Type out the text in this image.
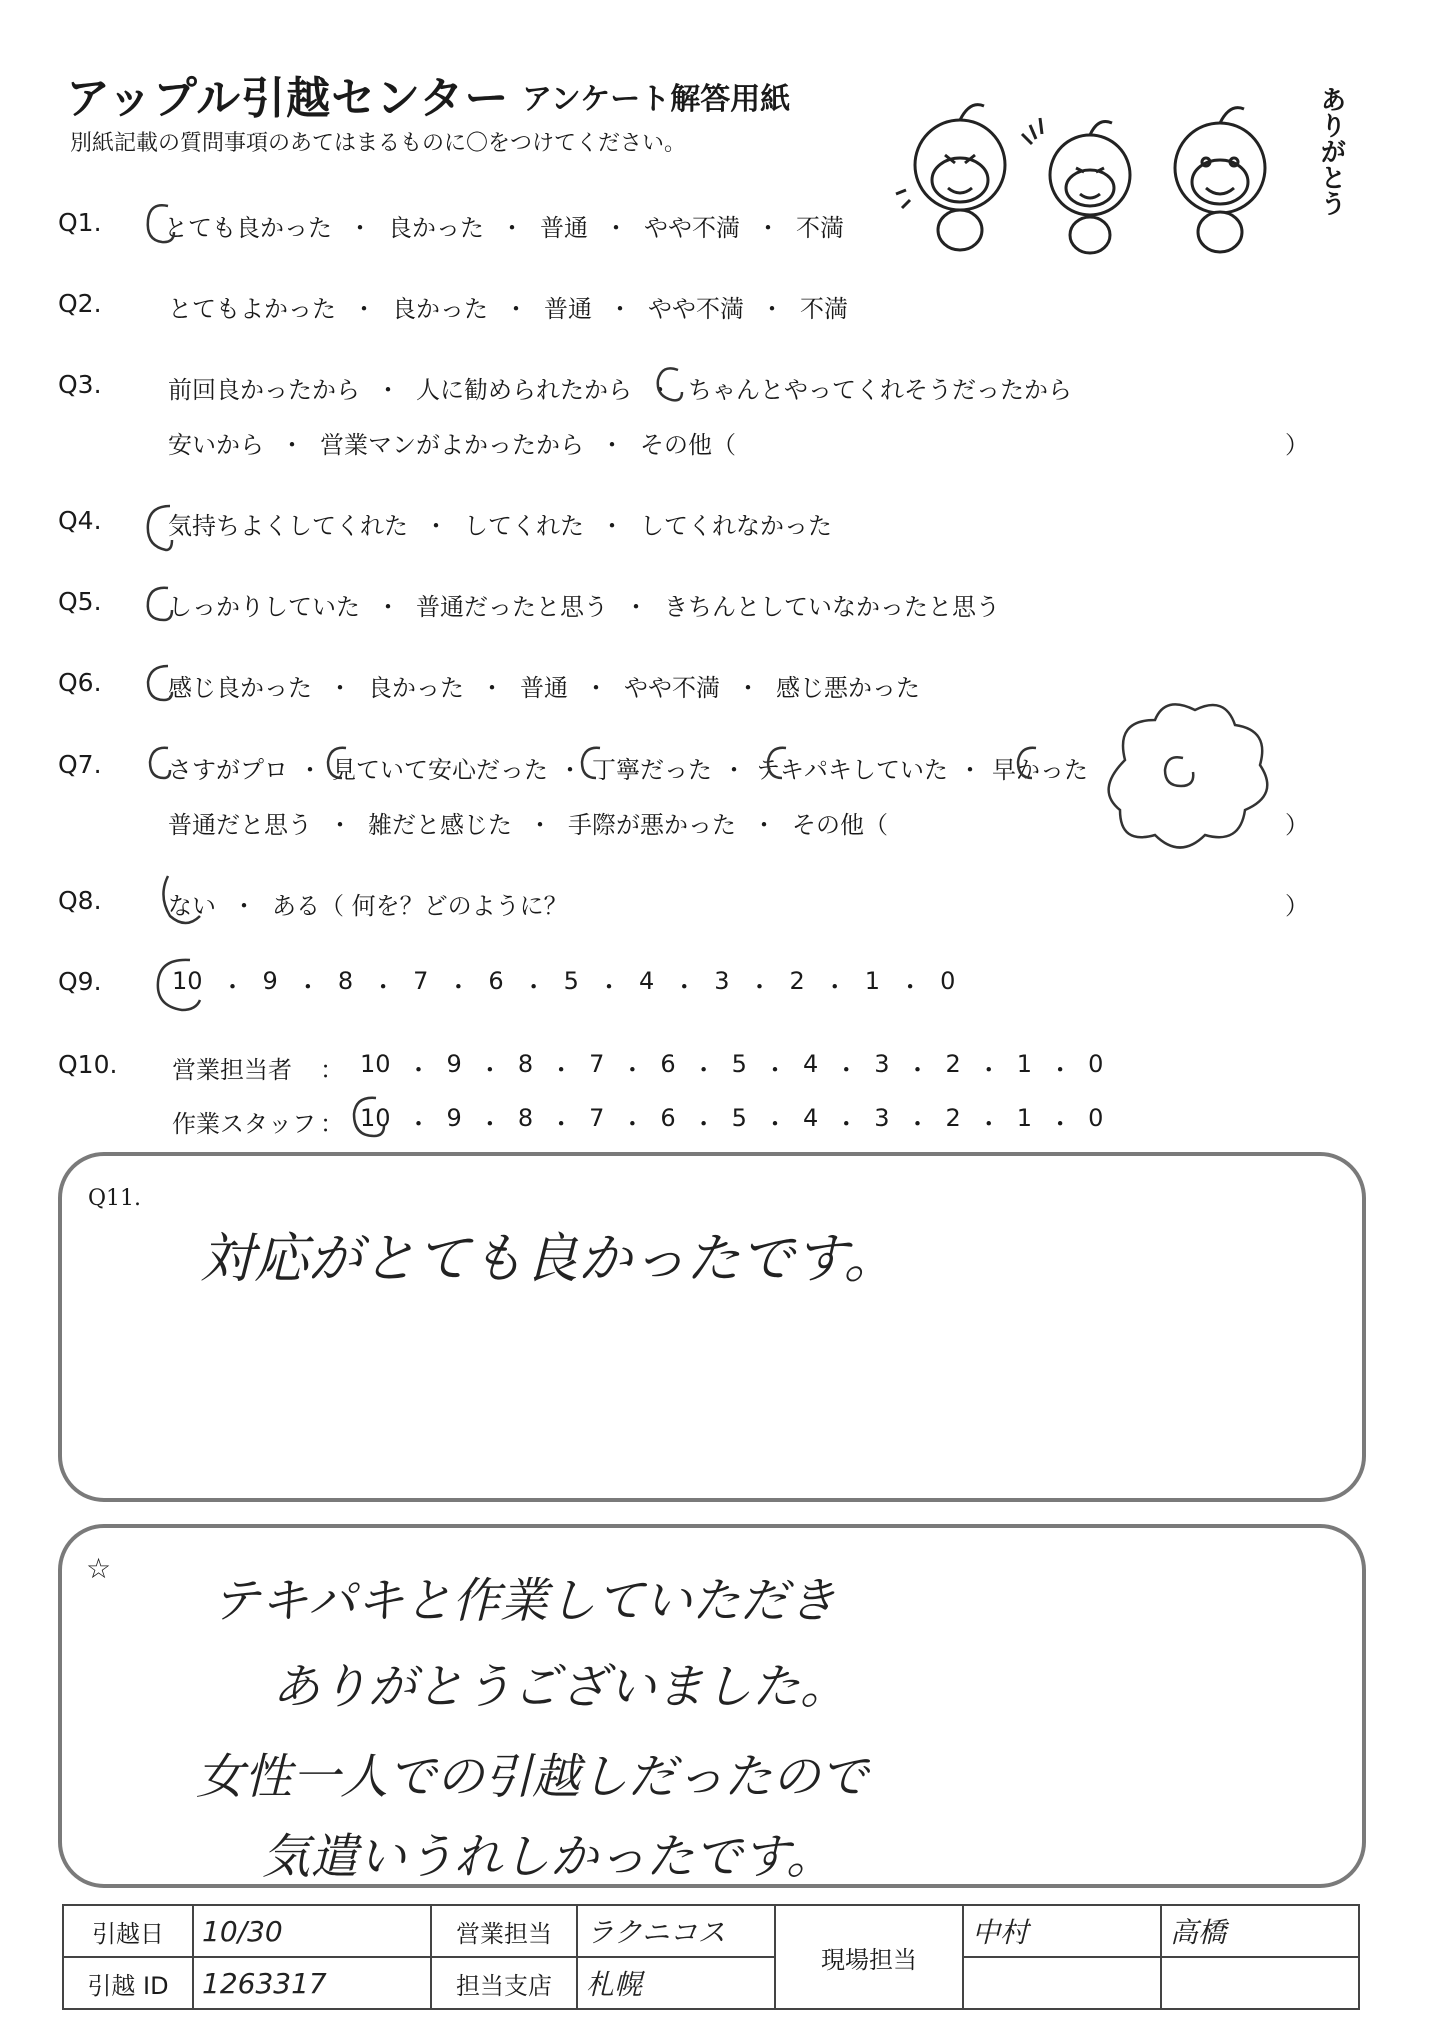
アップル引越センター アンケート解答用紙
別紙記載の質問事項のあてはまるものに〇をつけてください。	ありがとう
Q1.	とても良かった ・ 良かった ・ 普通 ・ やや不満 ・ 不満
Q2.	とてもよかった ・ 良かった ・ 普通 ・ やや不満 ・ 不満
Q3.	前回良かったから ・ 人に勧められたから ・ ちゃんとやってくれそうだったから
安いから ・ 営業マンがよかったから ・ その他（	）
Q4.	気持ちよくしてくれた ・ してくれた ・ してくれなかった
Q5.	しっかりしていた ・ 普通だったと思う ・ きちんとしていなかったと思う
Q6.	感じ良かった ・ 良かった ・ 普通 ・ やや不満 ・ 感じ悪かった
Q7.	さすがプロ ・ 見ていて安心だった ・ 丁寧だった ・ テキパキしていた ・ 早かった
普通だと思う ・ 雑だと感じた ・ 手際が悪かった ・ その他（	）
Q8.	ない ・ ある（ 何を？どのように？	）
Q9.	10 ・ 9 ・ 8 ・ 7 ・ 6 ・ 5 ・ 4 ・ 3 ・ 2 ・ 1 ・ 0
Q10. 営業担当者	： 10 ・ 9 ・ 8 ・ 7 ・ 6 ・ 5 ・ 4 ・ 3 ・ 2 ・ 1 ・ 0
作業スタッフ ： 10 ・ 9 ・ 8 ・ 7 ・ 6 ・ 5 ・ 4 ・ 3 ・ 2 ・ 1 ・ 0
Q11.
対応がとても良かったです。
☆
テキパキと作業していただき
ありがとうございました。
女性一人での引越しだったので
気遣いうれしかったです。
引越日	10/30	営業担当	ラクニコス	現場担当	中村	高橋
引越 ID	1263317	担当支店	札幌			
